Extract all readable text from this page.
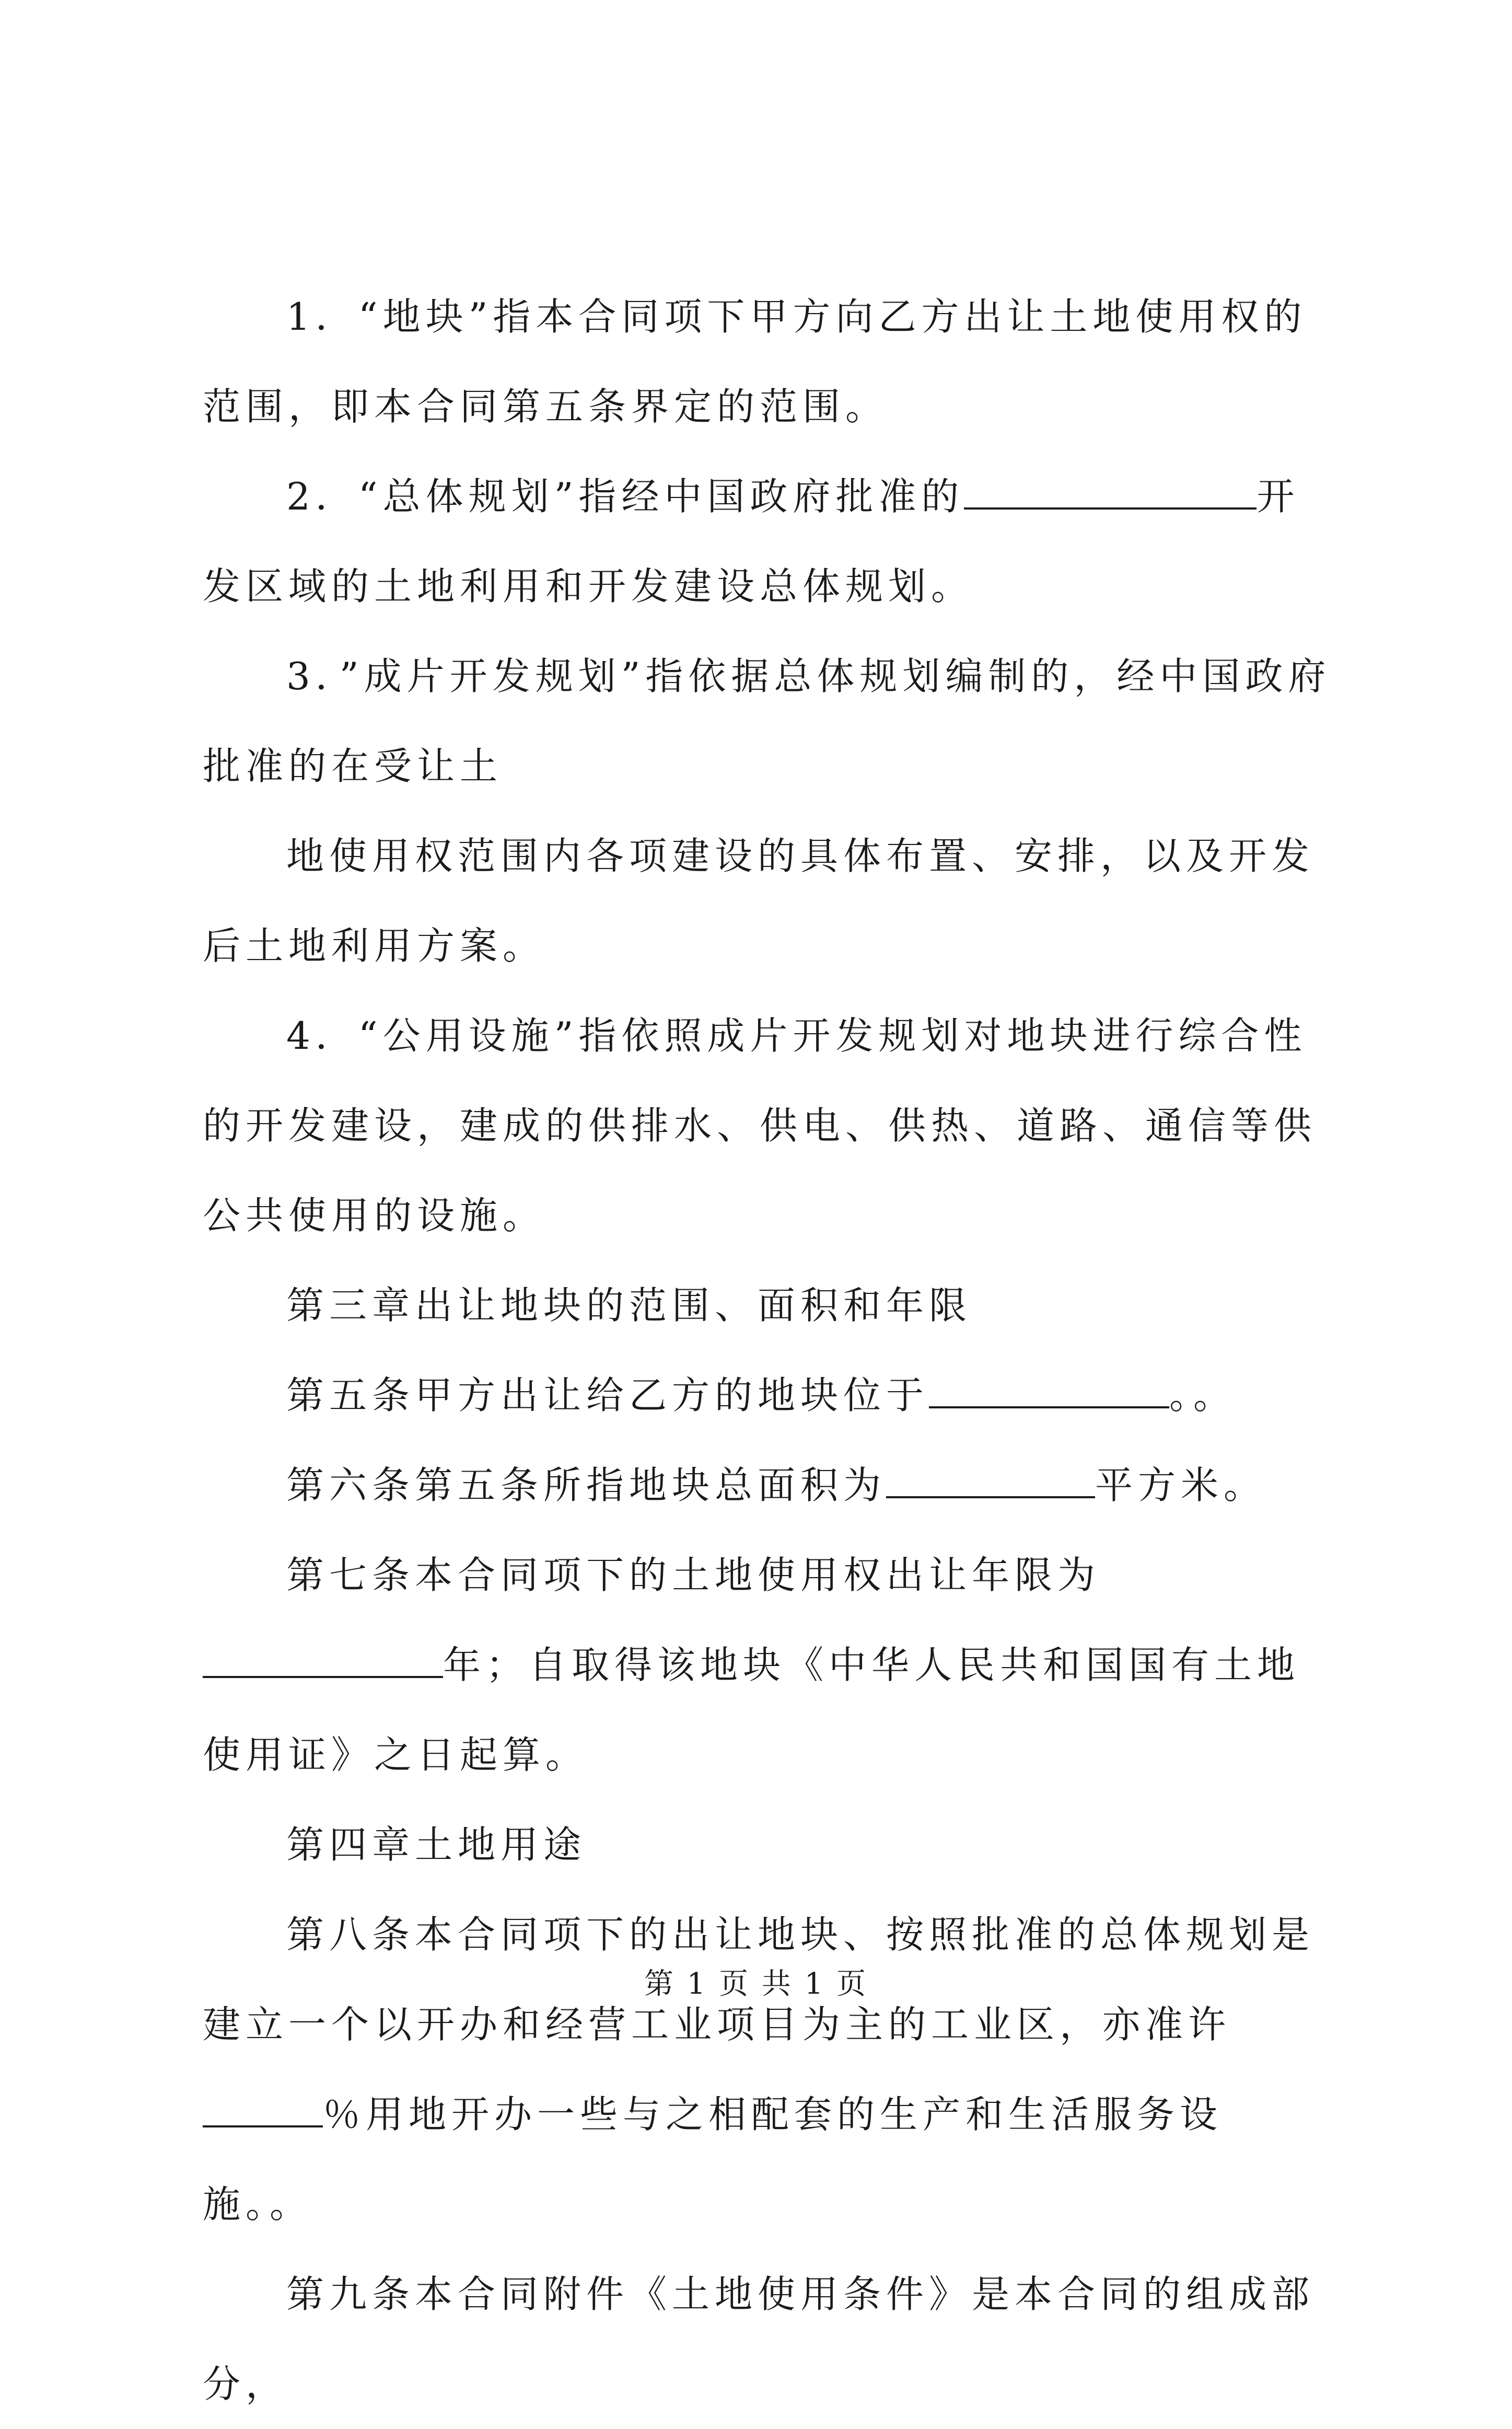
1．“地块”指本合同项下甲方向乙方出让土地使用权的范围，即本合同第五条界定的范围。

2．“总体规划”指经中国政府批准的	开发区域的土地利用和开发建设总体规划。

3．”成片开发规划”指依据总体规划编制的，经中国政府批准的在受让土

地使用权范围内各项建设的具体布置、安排，以及开发后土地利用方案。

4．“公用设施”指依照成片开发规划对地块进行综合性的开发建设，建成的供排水、供电、供热、道路、通信等供公共使用的设施。

第三章出让地块的范围、面积和年限

第五条甲方出让给乙方的地块位于	。。

第六条第五条所指地块总面积为	平方米。

第七条本合同项下的土地使用权出让年限为年；自取得该地块《中华人民共和国国有土地使用证》之日起算。

第四章土地用途

第八条本合同项下的出让地块、按照批准的总体规划是建立一个以开办和经营工业项目为主的工业区，亦准许％用地开办一些与之相配套的生产和生活服务设施。。

第九条本合同附件《土地使用条件》是本合同的组成部分，

第 1 页 共 1 页
